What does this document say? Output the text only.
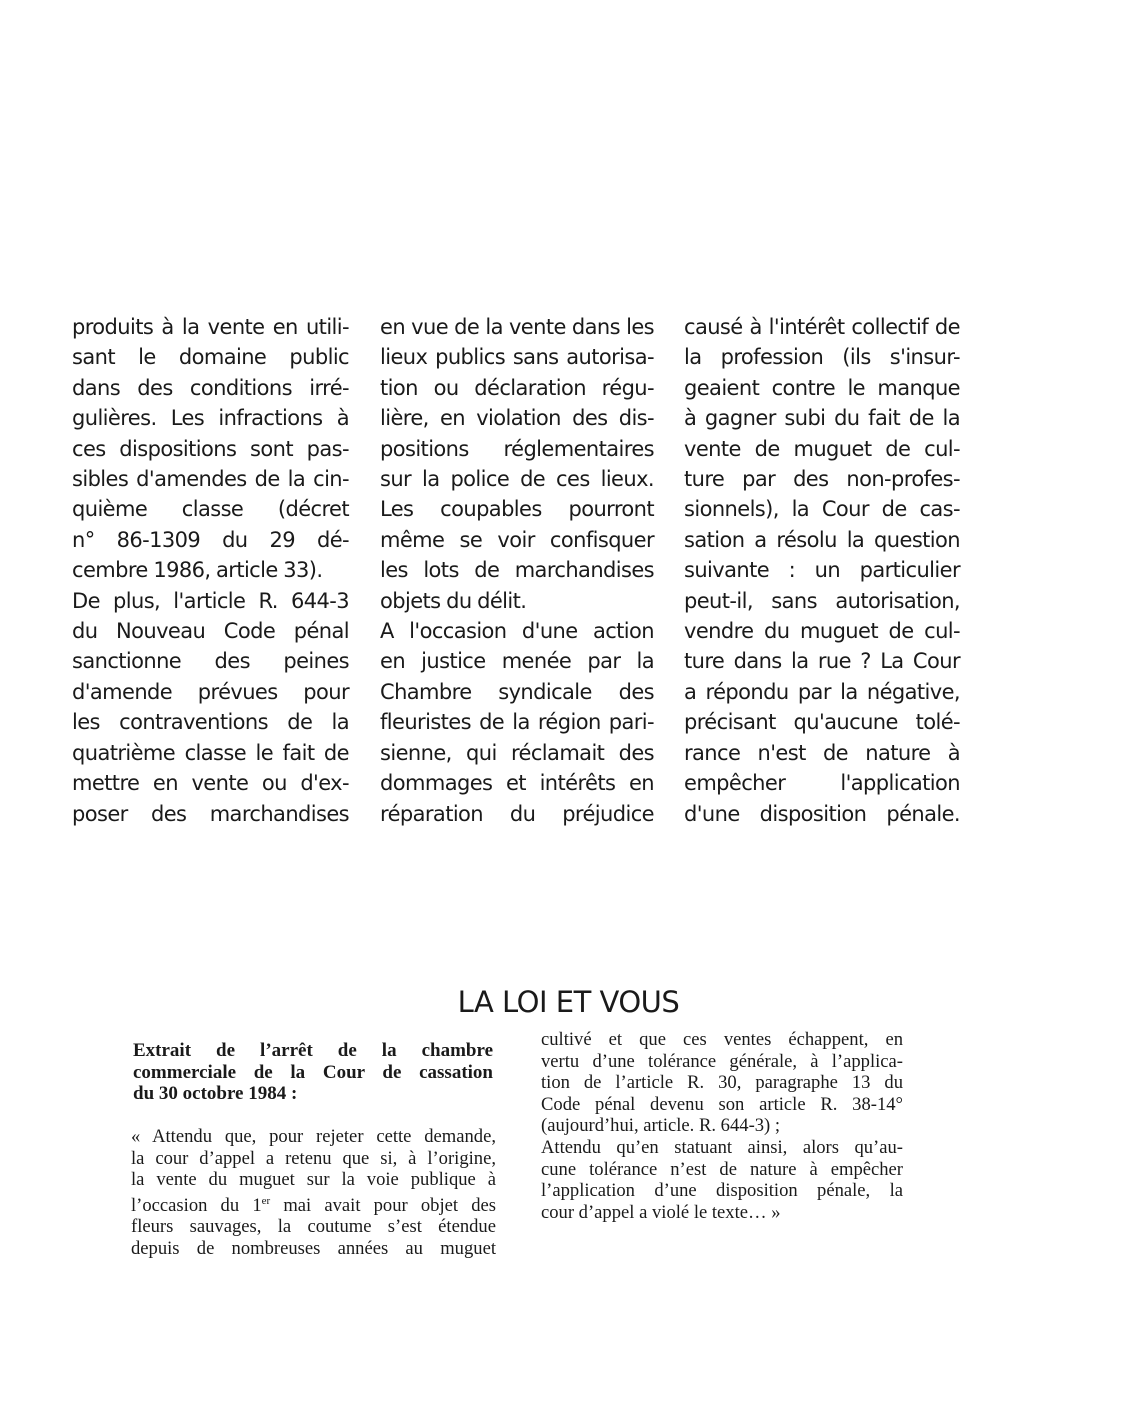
produits à la vente en utili-
sant le domaine public
dans des conditions irré-
gulières. Les infractions à
ces dispositions sont pas-
sibles d'amendes de la cin-
quième classe (décret
n° 86-1309 du 29 dé-
cembre 1986, article 33).
De plus, l'article R. 644-3
du Nouveau Code pénal
sanctionne des peines
d'amende prévues pour
les contraventions de la
quatrième classe le fait de
mettre en vente ou d'ex-
poser des marchandises
en vue de la vente dans les
lieux publics sans autorisa-
tion ou déclaration régu-
lière, en violation des dis-
positions réglementaires
sur la police de ces lieux.
Les coupables pourront
même se voir confisquer
les lots de marchandises
objets du délit.
A l'occasion d'une action
en justice menée par la
Chambre syndicale des
fleuristes de la région pari-
sienne, qui réclamait des
dommages et intérêts en
réparation du préjudice
causé à l'intérêt collectif de
la profession (ils s'insur-
geaient contre le manque
à gagner subi du fait de la
vente de muguet de cul-
ture par des non-profes-
sionnels), la Cour de cas-
sation a résolu la question
suivante : un particulier
peut-il, sans autorisation,
vendre du muguet de cul-
ture dans la rue ? La Cour
a répondu par la négative,
précisant qu'aucune tolé-
rance n'est de nature à
empêcher l'application
d'une disposition pénale.
LA LOI ET VOUS
Extrait de l’arrêt de la chambre
commerciale de la Cour de cassation
du 30 octobre 1984 :
« Attendu que, pour rejeter cette demande,
la cour d’appel a retenu que si, à l’origine,
la vente du muguet sur la voie publique à
l’occasion du 1er mai avait pour objet des
fleurs sauvages, la coutume s’est étendue
depuis de nombreuses années au muguet
cultivé et que ces ventes échappent, en
vertu d’une tolérance générale, à l’applica-
tion de l’article R. 30, paragraphe 13 du
Code pénal devenu son article R. 38-14°
(aujourd’hui, article. R. 644-3) ;
Attendu qu’en statuant ainsi, alors qu’au-
cune tolérance n’est de nature à empêcher
l’application d’une disposition pénale, la
cour d’appel a violé le texte… »
